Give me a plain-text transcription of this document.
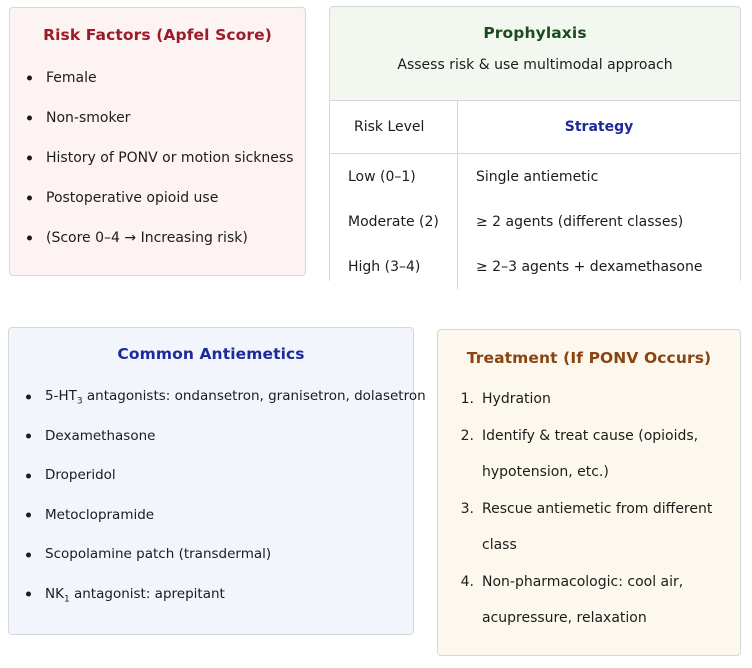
Risk Factors (Apfel Score)
Female
Non-smoker
History of PONV or motion sickness
Postoperative opioid use
(Score 0–4 → Increasing risk)
Prophylaxis
Assess risk & use multimodal approach
Risk Level	Strategy
Low (0–1)	Single antiemetic
Moderate (2)	≥ 2 agents (different classes)
High (3–4)	≥ 2–3 agents + dexamethasone
Common Antiemetics
$5-HT_3$ antagonists: ondansetron, granisetron, dolasetron
Dexamethasone
Droperidol
Metoclopramide
Scopolamine patch (transdermal)
$NK_1$ antagonist: aprepitant
Treatment (If PONV Occurs)
1. Hydration
2. Identify & treat cause (opioids, hypotension, etc.)
3. Rescue antiemetic from different class
4. Non-pharmacologic: cool air, acupressure, relaxation
